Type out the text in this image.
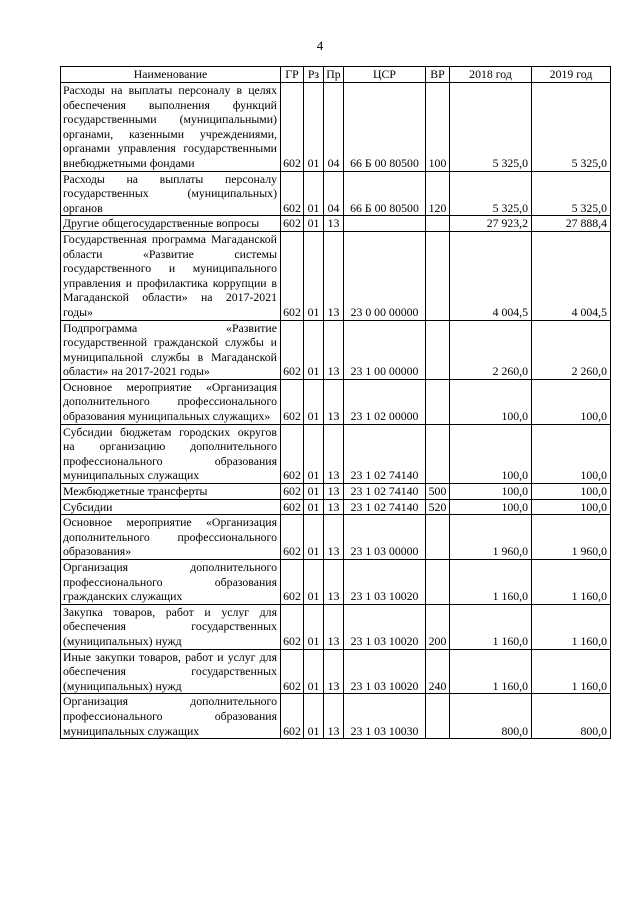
4
Наименование	ГР	Рз	Пр	ЦСР	ВР	2018 год	2019 год
Расходы на выплаты персоналу в целях обеспечения выполнения функций государственными (муниципальными) органами, казенными учреждениями, органами управления государственными внебюджетными фондами	602	01	04	66 Б 00 80500	100	5 325,0	5 325,0
Расходы на выплаты персоналу государственных (муниципальных) органов	602	01	04	66 Б 00 80500	120	5 325,0	5 325,0
Другие общегосударственные вопросы	602	01	13			27 923,2	27 888,4
Государственная программа Магаданской области «Развитие системы государственного и муниципального управления и профилактика коррупции в Магаданской области» на 2017-2021 годы»	602	01	13	23 0 00 00000		4 004,5	4 004,5
Подпрограмма «Развитие государственной гражданской службы и муниципальной службы в Магаданской области» на 2017-2021 годы»	602	01	13	23 1 00 00000		2 260,0	2 260,0
Основное мероприятие «Организация дополнительного профессионального образования муниципальных служащих»	602	01	13	23 1 02 00000		100,0	100,0
Субсидии бюджетам городских округов на организацию дополнительного профессионального образования муниципальных служащих	602	01	13	23 1 02 74140		100,0	100,0
Межбюджетные трансферты	602	01	13	23 1 02 74140	500	100,0	100,0
Субсидии	602	01	13	23 1 02 74140	520	100,0	100,0
Основное мероприятие «Организация дополнительного профессионального образования»	602	01	13	23 1 03 00000		1 960,0	1 960,0
Организация дополнительного профессионального образования гражданских служащих	602	01	13	23 1 03 10020		1 160,0	1 160,0
Закупка товаров, работ и услуг для обеспечения государственных (муниципальных) нужд	602	01	13	23 1 03 10020	200	1 160,0	1 160,0
Иные закупки товаров, работ и услуг для обеспечения государственных (муниципальных) нужд	602	01	13	23 1 03 10020	240	1 160,0	1 160,0
Организация дополнительного профессионального образования муниципальных служащих	602	01	13	23 1 03 10030		800,0	800,0
